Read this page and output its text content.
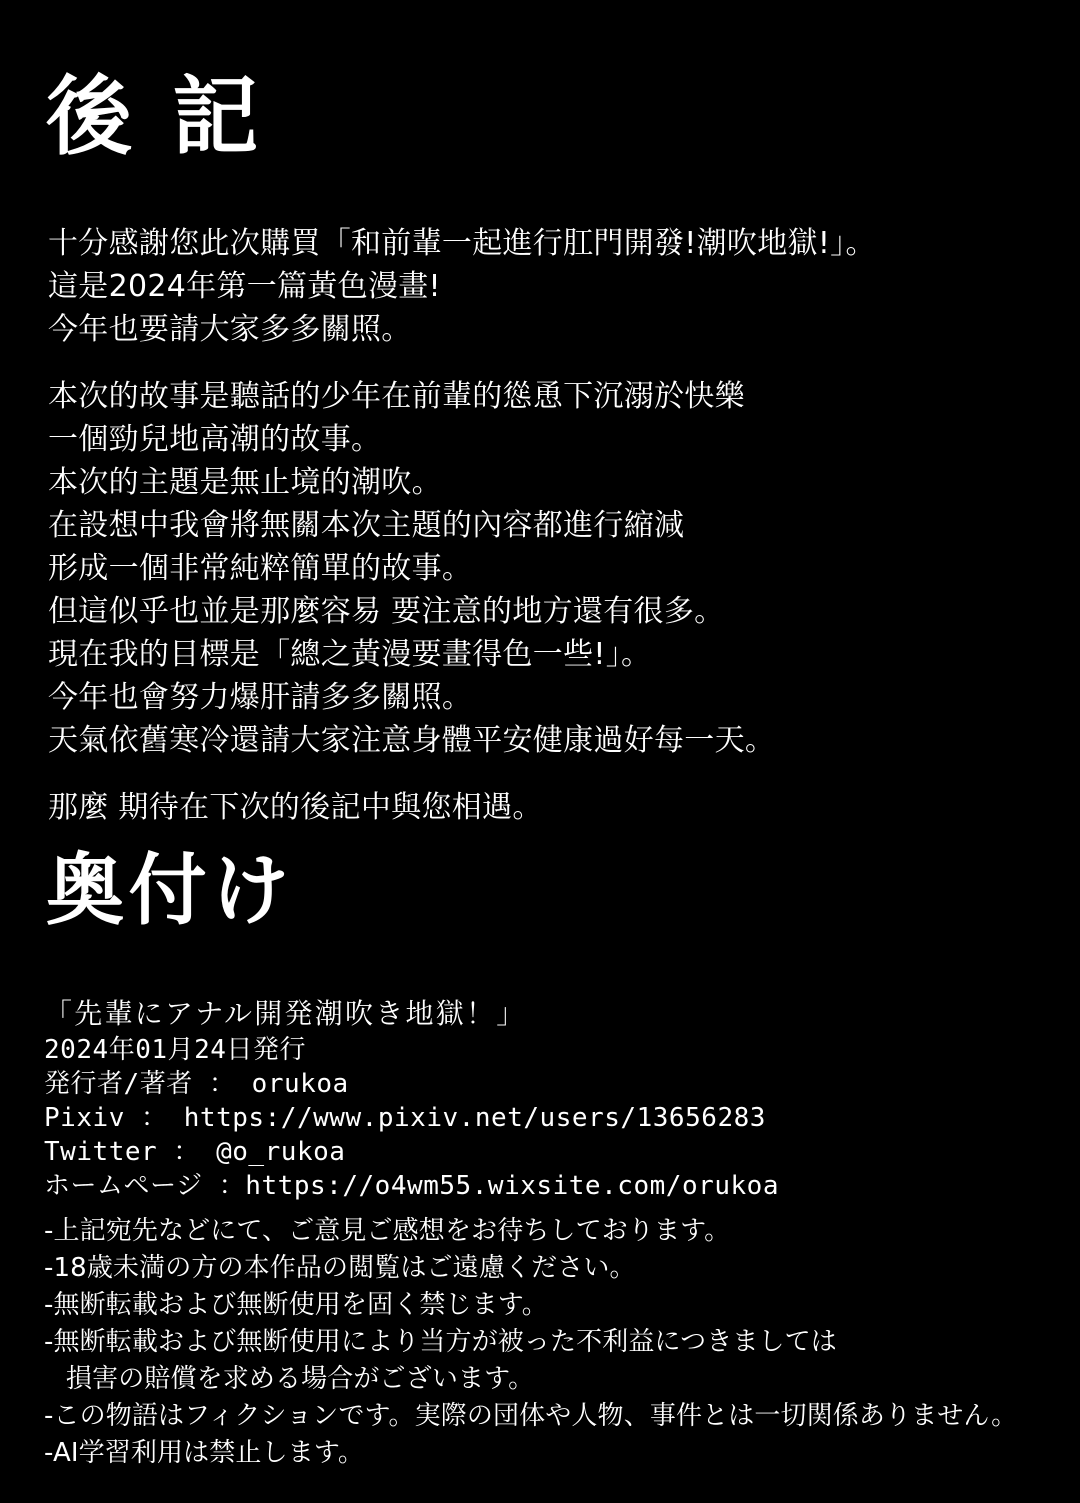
後 記
十分感謝您此次購買「和前輩一起進行肛門開發!潮吹地獄!」。
這是2024年第一篇黃色漫畫!
今年也要請大家多多關照。
本次的故事是聽話的少年在前輩的慫恿下沉溺於快樂
一個勁兒地高潮的故事。
本次的主題是無止境的潮吹。
在設想中我會將無關本次主題的內容都進行縮減
形成一個非常純粹簡單的故事。
但這似乎也並是那麼容易 要注意的地方還有很多。
現在我的目標是「總之黃漫要畫得色一些!」。
今年也會努力爆肝請多多關照。
天氣依舊寒冷還請大家注意身體平安健康過好每一天。
那麼 期待在下次的後記中與您相遇。
奥付け
「先輩にアナル開発潮吹き地獄！」
2024年01月24日発行
発行者/著者 ： orukoa
Pixiv ： https://www.pixiv.net/users/13656283
Twitter ： @o_rukoa
ホームページ ：https://o4wm55.wixsite.com/orukoa
-上記宛先などにて、ご意見ご感想をお待ちしております。
-18歳未満の方の本作品の閲覧はご遠慮ください。
-無断転載および無断使用を固く禁じます。
-無断転載および無断使用により当方が被った不利益につきましては
損害の賠償を求める場合がございます。
-この物語はフィクションです。実際の団体や人物、事件とは一切関係ありません。
-AI学習利用は禁止します。
